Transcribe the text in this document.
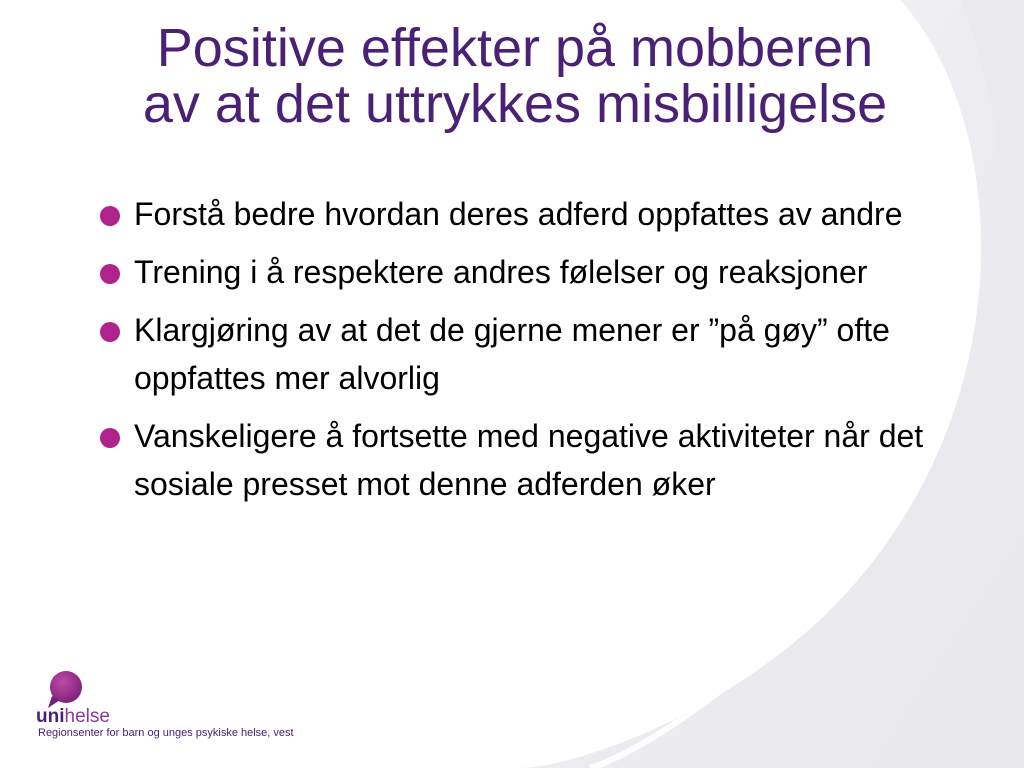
Positive effekter på mobberen
av at det uttrykkes misbilligelse
Forstå bedre hvordan deres adferd oppfattes av andre
Trening i å respektere andres følelser og reaksjoner
Klargjøring av at det de gjerne mener er ”på gøy” ofte oppfattes mer alvorlig
Vanskeligere å fortsette med negative aktiviteter når det sosiale presset mot denne adferden øker
unihelse
Regionsenter for barn og unges psykiske helse, vest
